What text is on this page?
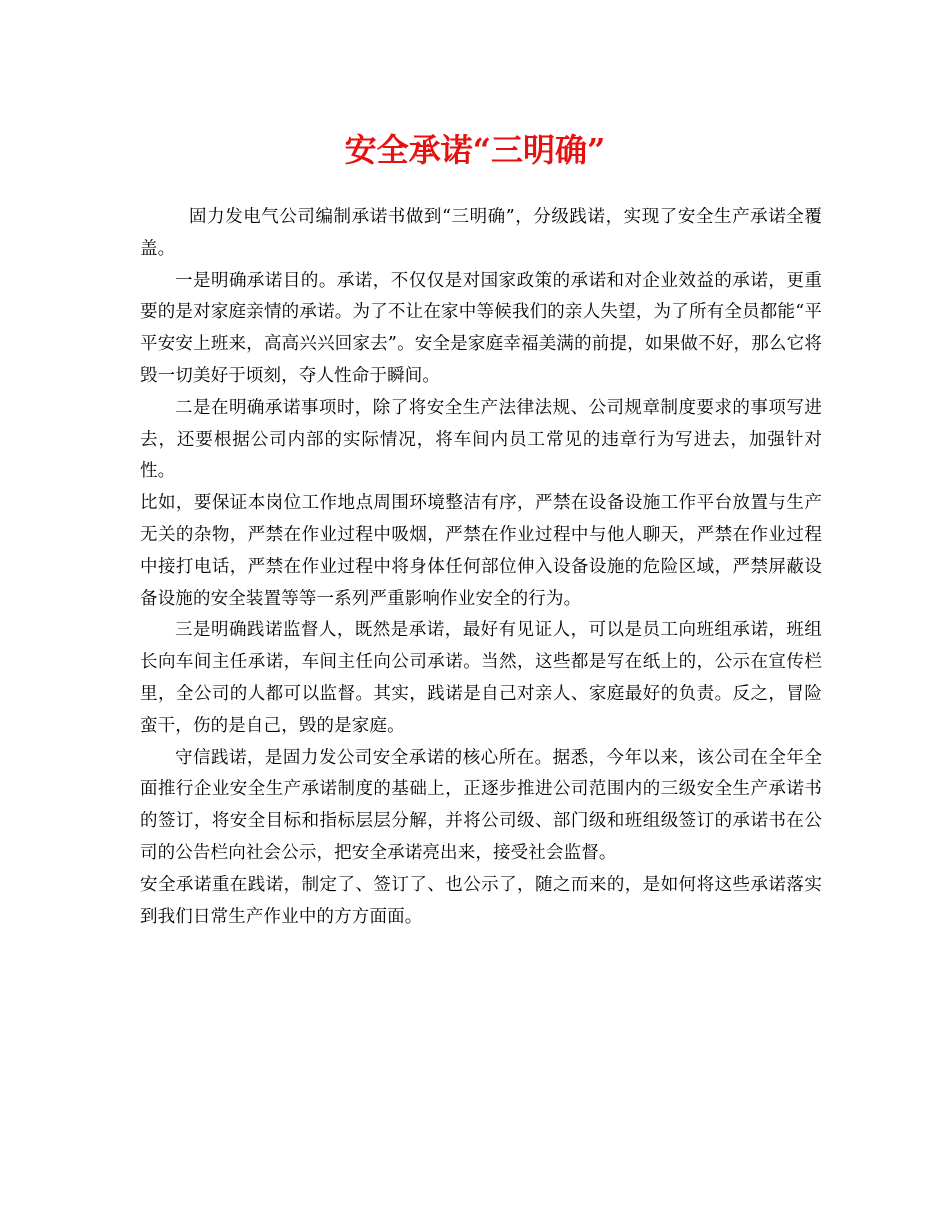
安全承诺“三明确”

固力发电气公司编制承诺书做到“三明确”，分级践诺，实现了安全生产承诺全覆盖。

一是明确承诺目的。承诺，不仅仅是对国家政策的承诺和对企业效益的承诺，更重要的是对家庭亲情的承诺。为了不让在家中等候我们的亲人失望，为了所有全员都能“平平安安上班来，高高兴兴回家去”。安全是家庭幸福美满的前提，如果做不好，那么它将毁一切美好于顷刻，夺人性命于瞬间。

二是在明确承诺事项时，除了将安全生产法律法规、公司规章制度要求的事项写进去，还要根据公司内部的实际情况，将车间内员工常见的违章行为写进去，加强针对性。

比如，要保证本岗位工作地点周围环境整洁有序，严禁在设备设施工作平台放置与生产无关的杂物，严禁在作业过程中吸烟，严禁在作业过程中与他人聊天，严禁在作业过程中接打电话，严禁在作业过程中将身体任何部位伸入设备设施的危险区域，严禁屏蔽设备设施的安全装置等等一系列严重影响作业安全的行为。

三是明确践诺监督人，既然是承诺，最好有见证人，可以是员工向班组承诺，班组长向车间主任承诺，车间主任向公司承诺。当然，这些都是写在纸上的，公示在宣传栏里，全公司的人都可以监督。其实，践诺是自己对亲人、家庭最好的负责。反之，冒险蛮干，伤的是自己，毁的是家庭。

守信践诺，是固力发公司安全承诺的核心所在。据悉，今年以来，该公司在全年全面推行企业安全生产承诺制度的基础上，正逐步推进公司范围内的三级安全生产承诺书的签订，将安全目标和指标层层分解，并将公司级、部门级和班组级签订的承诺书在公司的公告栏向社会公示，把安全承诺亮出来，接受社会监督。

安全承诺重在践诺，制定了、签订了、也公示了，随之而来的，是如何将这些承诺落实到我们日常生产作业中的方方面面。
